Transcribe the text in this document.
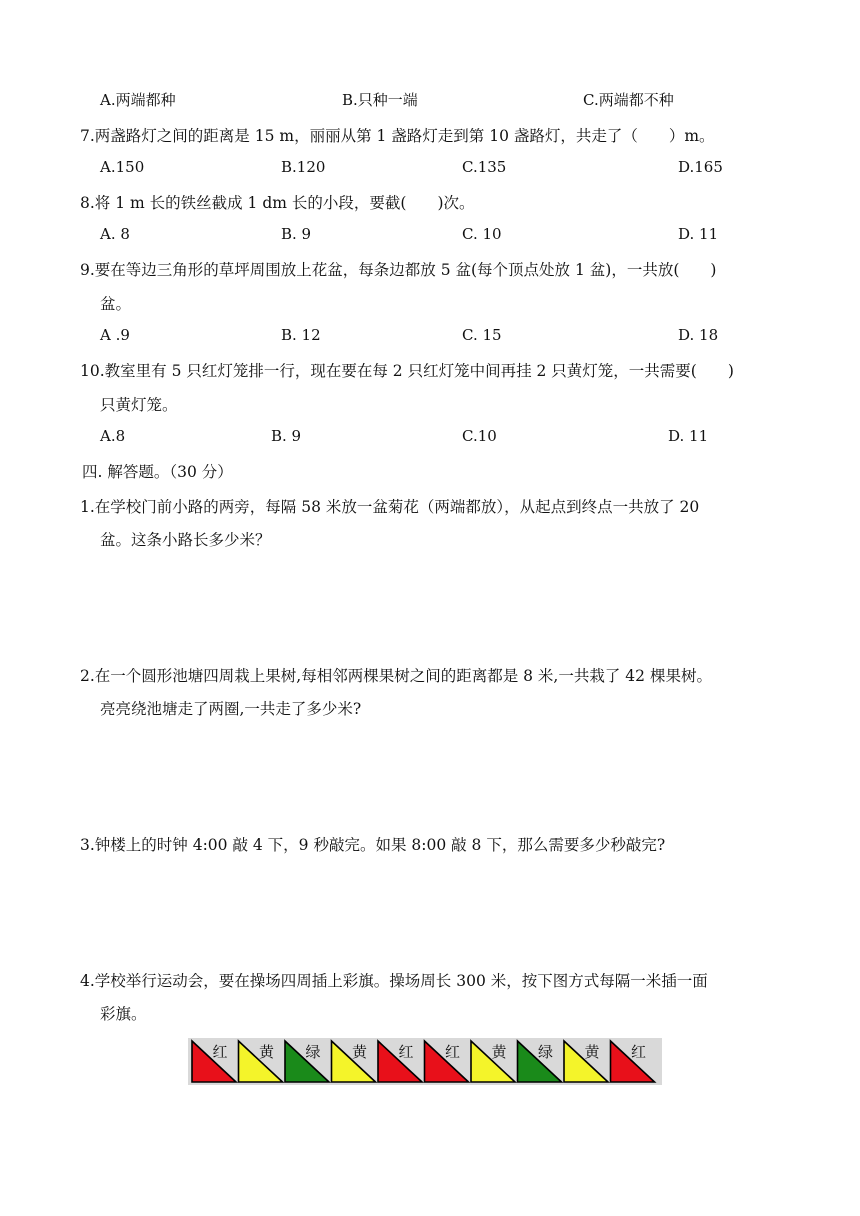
A.两端都种	B.只种一端	C.两端都不种
7.两盏路灯之间的距离是 15 m，丽丽从第 1 盏路灯走到第 10 盏路灯，共走了（　　）m。
A.150	B.120	C.135	D.165
8.将 1 m 长的铁丝截成 1 dm 长的小段，要截(　　)次。
A. 8	B. 9	C. 10	D. 11
9.要在等边三角形的草坪周围放上花盆，每条边都放 5 盆(每个顶点处放 1 盆)，一共放(　　)
盆。
A .9	B. 12	C. 15	D. 18
10.教室里有 5 只红灯笼排一行，现在要在每 2 只红灯笼中间再挂 2 只黄灯笼，一共需要(　　)
只黄灯笼。
A.8	B. 9	C.10	D. 11
四. 解答题。（30 分）
1.在学校门前小路的两旁，每隔 58 米放一盆菊花（两端都放），从起点到终点一共放了 20
盆。这条小路长多少米？
2.在一个圆形池塘四周栽上果树,每相邻两棵果树之间的距离都是 8 米,一共栽了 42 棵果树。
亮亮绕池塘走了两圈,一共走了多少米?
3.钟楼上的时钟 4:00 敲 4 下，9 秒敲完。如果 8:00 敲 8 下，那么需要多少秒敲完?
4.学校举行运动会，要在操场四周插上彩旗。操场周长 300 米，按下图方式每隔一米插一面
彩旗。
红 黄 绿 黄 红 红 黄 绿 黄 红
